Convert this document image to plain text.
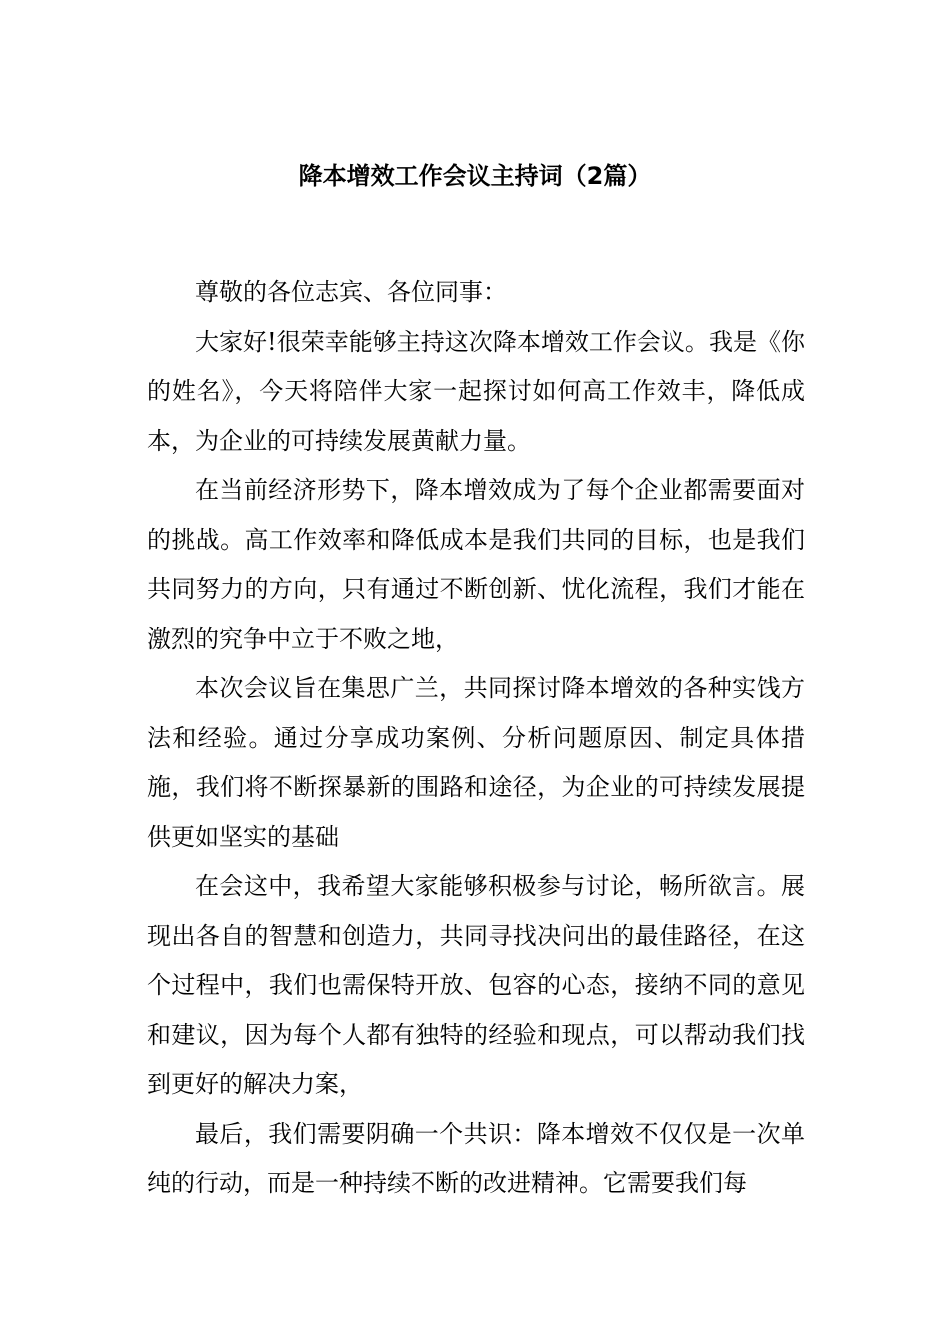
降本增效工作会议主持词（2篇）

尊敬的各位志宾、各位同事：

大家好!很荣幸能够主持这次降本增效工作会议。我是《你的姓名》，今天将陪伴大家一起探讨如何高工作效丰，降低成本，为企业的可持续发展黄献力量。

在当前经济形势下，降本增效成为了每个企业都需要面对的挑战。高工作效率和降低成本是我们共同的目标，也是我们共同努力的方向，只有通过不断创新、忧化流程，我们才能在激烈的究争中立于不败之地，

本次会议旨在集思广兰，共同探讨降本增效的各种实饯方法和经验。通过分享成功案例、分析问题原因、制定具体措施，我们将不断探暴新的围路和途径，为企业的可持续发展提供更如坚实的基础

在会这中，我希望大家能够积极参与讨论，畅所欲言。展现出各自的智慧和创造力，共同寻找决问出的最佳路径，在这个过程中，我们也需保特开放、包容的心态，接纳不同的意见和建议，因为每个人都有独特的经验和现点，可以帮动我们找到更好的解决力案，

最后，我们需要阴确一个共识：降本增效不仅仅是一次单纯的行动，而是一种持续不断的改进精神。它需要我们每
